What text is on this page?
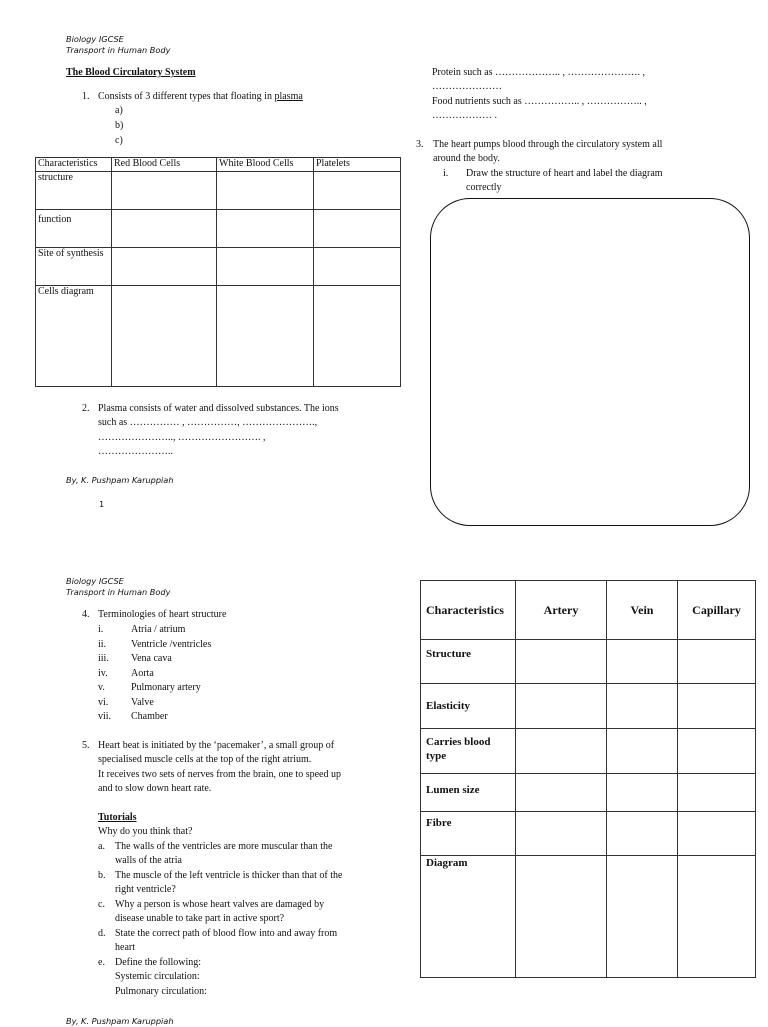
Biology IGCSE
Transport in Human Body
The Blood Circulatory System
1. Consists of 3 different types that floating in plasma
a)
b)
c)
Characteristics	Red Blood Cells	White Blood Cells	Platelets
structure			
function			
Site of synthesis			
Cells diagram			
2. Plasma consists of water and dissolved substances. The ions
such as …………… , ……………, ………………….,
………………….., ……………………. ,
…………………..
By, K. Pushpam Karuppiah
1
Protein such as ……………….. , …………………. ,
…………………
Food nutrients such as …………….. , …………….. ,
……………… .
3. The heart pumps blood through the circulatory system all
around the body.
i. Draw the structure of heart and label the diagram
correctly
Biology IGCSE
Transport in Human Body
4. Terminologies of heart structure
i.	Atria / atrium
ii. Ventricle /ventricles
iii. Vena cava
iv. Aorta
v.	Pulmonary artery
vi. Valve
vii. Chamber
5. Heart beat is initiated by the ‘pacemaker’, a small group of
specialised muscle cells at the top of the right atrium.
It receives two sets of nerves from the brain, one to speed up
and to slow down heart rate.
Tutorials
Why do you think that?
a. The walls of the ventricles are more muscular than the
walls of the atria
b. The muscle of the left ventricle is thicker than that of the
right ventricle?
c. Why a person is whose heart valves are damaged by
disease unable to take part in active sport?
d. State the correct path of blood flow into and away from
heart
e. Define the following:
Systemic circulation:
Pulmonary circulation:
Characteristics	Artery	Vein	Capillary
Structure			
Elasticity			
Carries blood type			
Lumen size			
Fibre			
Diagram			
By, K. Pushpam Karuppiah
